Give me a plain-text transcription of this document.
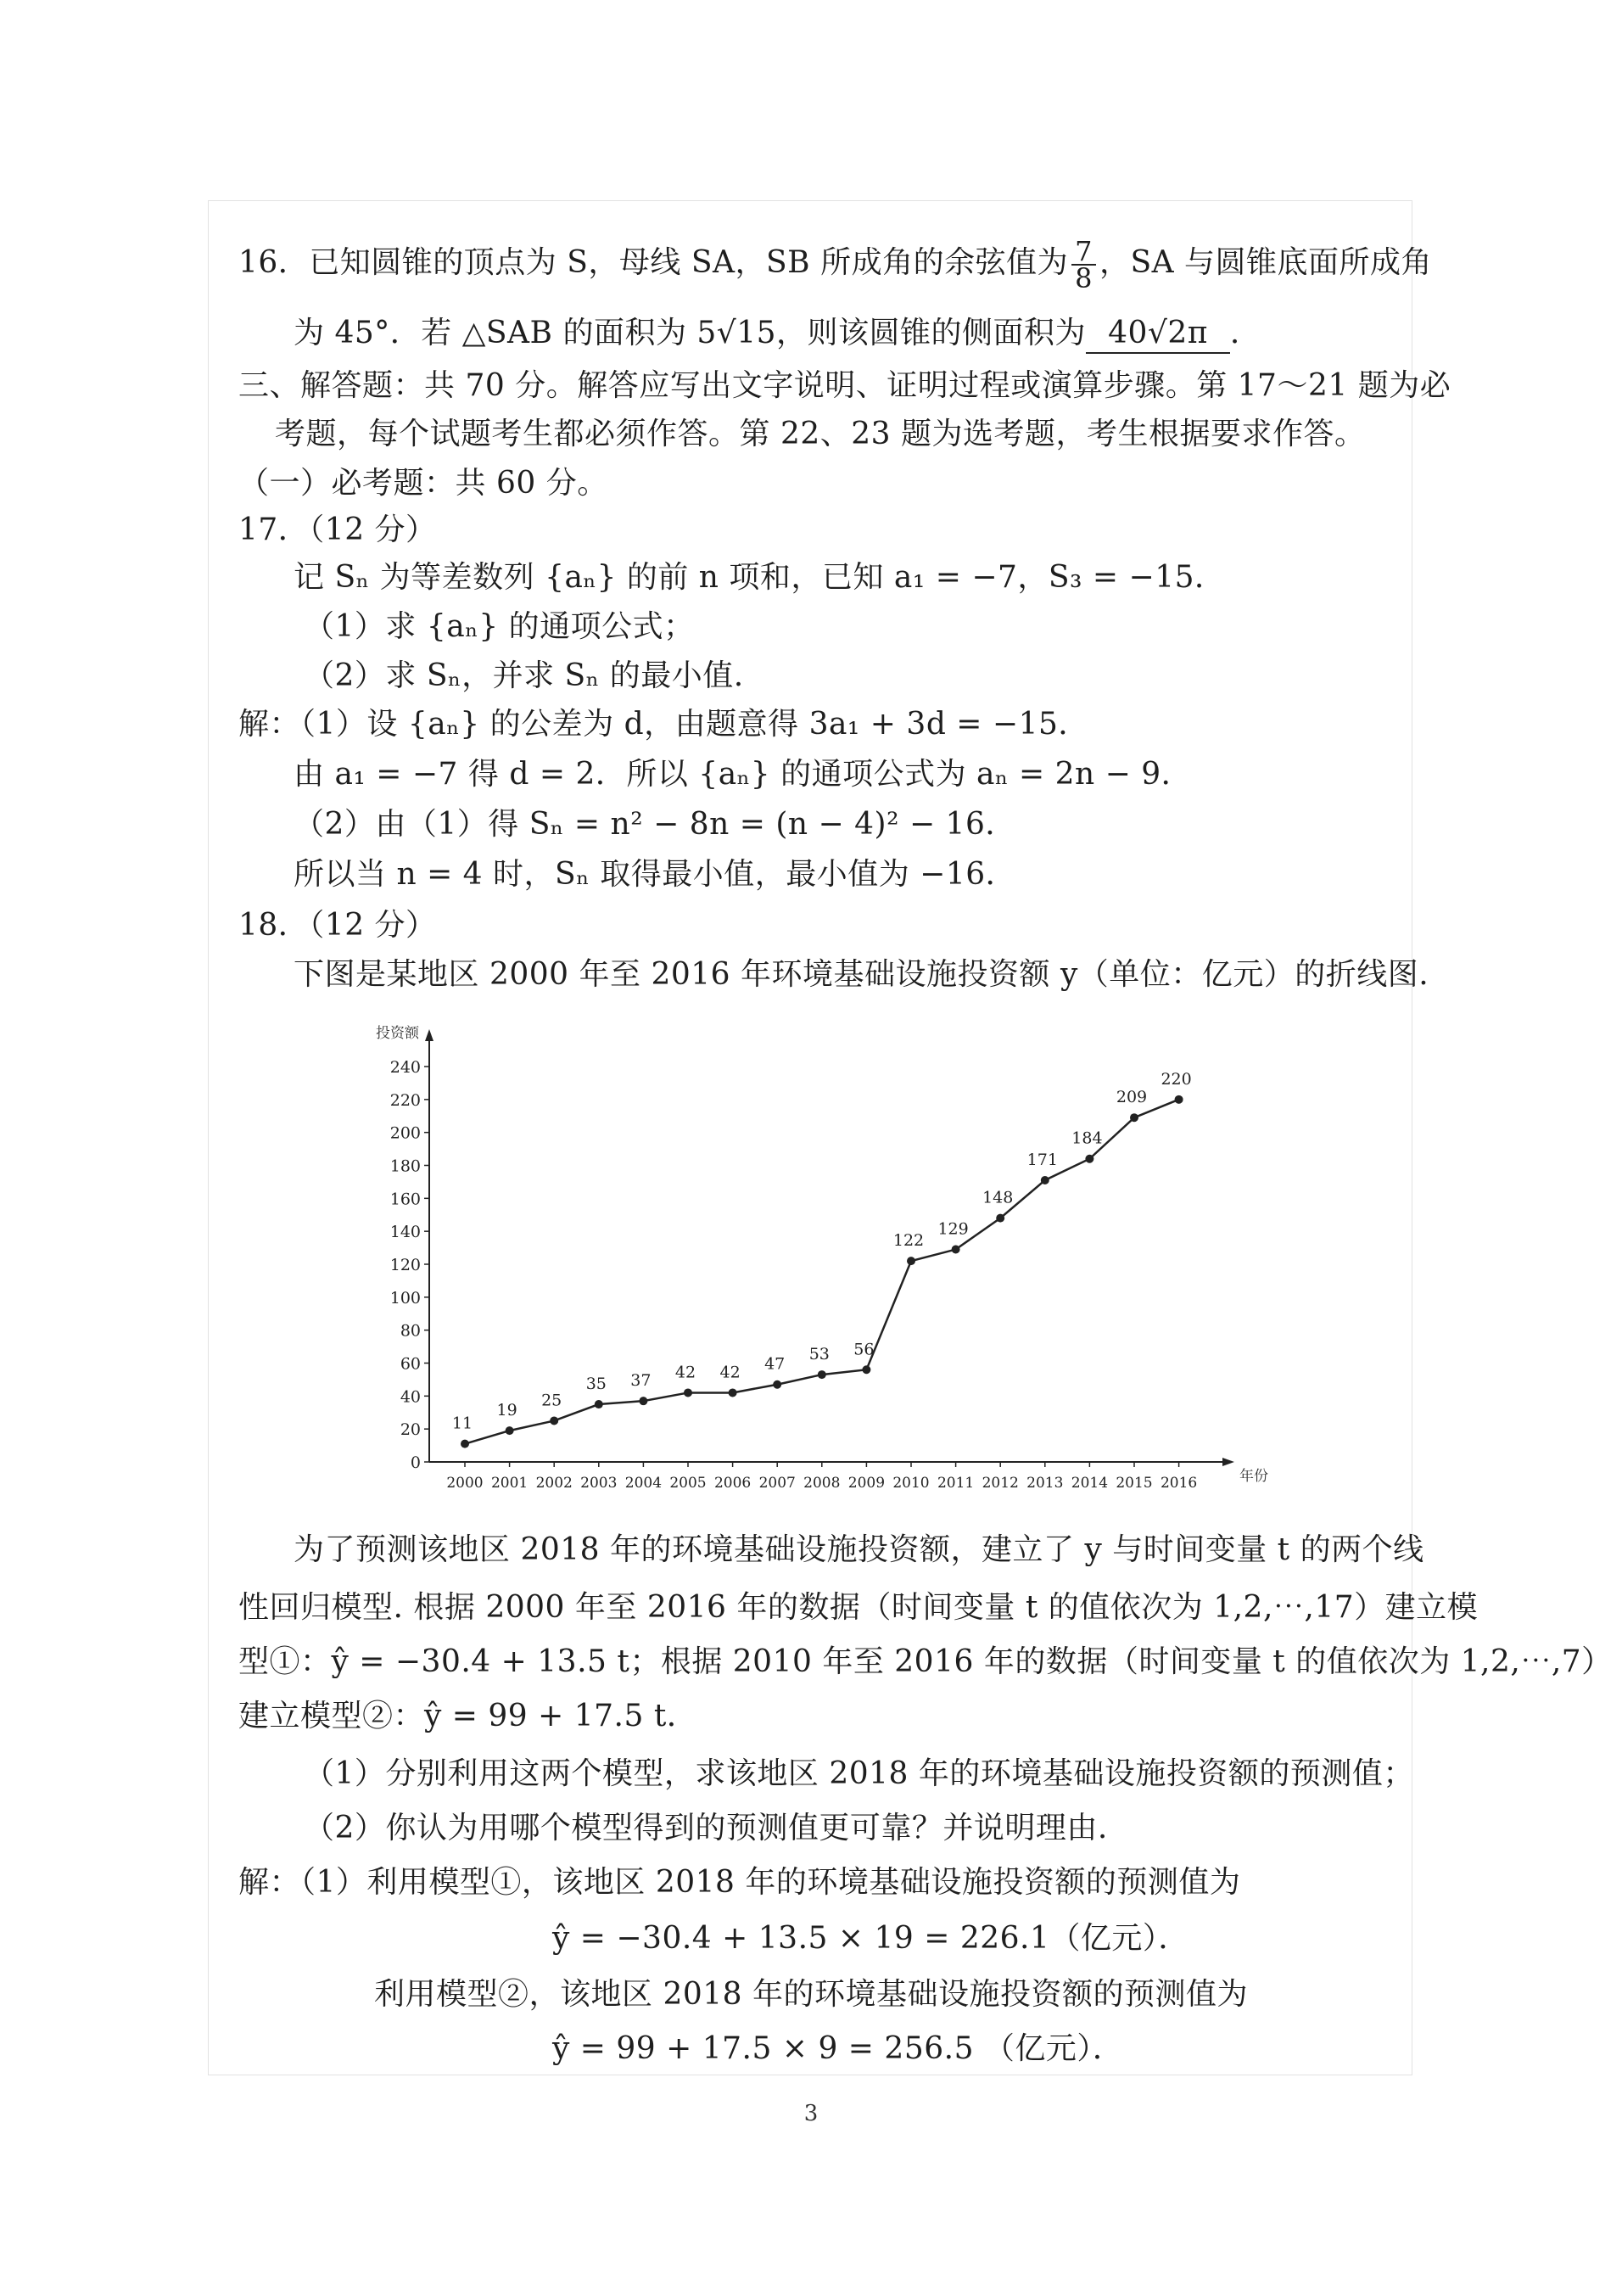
16．已知圆锥的顶点为 S，母线 SA，SB 所成角的余弦值为 $\frac{7}{8}$ ，SA 与圆锥底面所成角
为 45°．若 △SAB 的面积为 5√15，则该圆锥的侧面积为 40√2π ．
三、解答题：共 70 分。解答应写出文字说明、证明过程或演算步骤。第 17～21 题为必
考题，每个试题考生都必须作答。第 22、23 题为选考题，考生根据要求作答。
（一）必考题：共 60 分。
17．（12 分）
记 Sₙ 为等差数列 {aₙ} 的前 n 项和，已知 a₁ = −7，S₃ = −15．
（1）求 {aₙ} 的通项公式；
（2）求 Sₙ，并求 Sₙ 的最小值.
解：（1）设 {aₙ} 的公差为 d，由题意得 3a₁ + 3d = −15．
由 a₁ = −7 得 d = 2．所以 {aₙ} 的通项公式为 aₙ = 2n − 9．
（2）由（1）得 Sₙ = n² − 8n = (n − 4)² − 16．
所以当 n = 4 时，Sₙ 取得最小值，最小值为 −16．
18．（12 分）
下图是某地区 2000 年至 2016 年环境基础设施投资额 y（单位：亿元）的折线图.
投资额
年份
0
20
40
60
80
100
120
140
160
180
200
220
240
2000 2001 2002 2003 2004 2005 2006 2007 2008 2009 2010 2011 2012 2013 2014 2015 2016
11
19
25
35 37 42 42 47
53 56
122
129
148
171
184
209
220
为了预测该地区 2018 年的环境基础设施投资额，建立了 y 与时间变量 t 的两个线
性回归模型. 根据 2000 年至 2016 年的数据（时间变量 t 的值依次为 1,2,⋯,17）建立模
型①：ŷ = −30.4 + 13.5 t；根据 2010 年至 2016 年的数据（时间变量 t 的值依次为 1,2,⋯,7）
建立模型②：ŷ = 99 + 17.5 t．
（1）分别利用这两个模型，求该地区 2018 年的环境基础设施投资额的预测值；
（2）你认为用哪个模型得到的预测值更可靠？并说明理由.
解：（1）利用模型①，该地区 2018 年的环境基础设施投资额的预测值为
ŷ = −30.4 + 13.5 × 19 = 226.1（亿元）．
利用模型②，该地区 2018 年的环境基础设施投资额的预测值为
ŷ = 99 + 17.5 × 9 = 256.5 （亿元）．
3
